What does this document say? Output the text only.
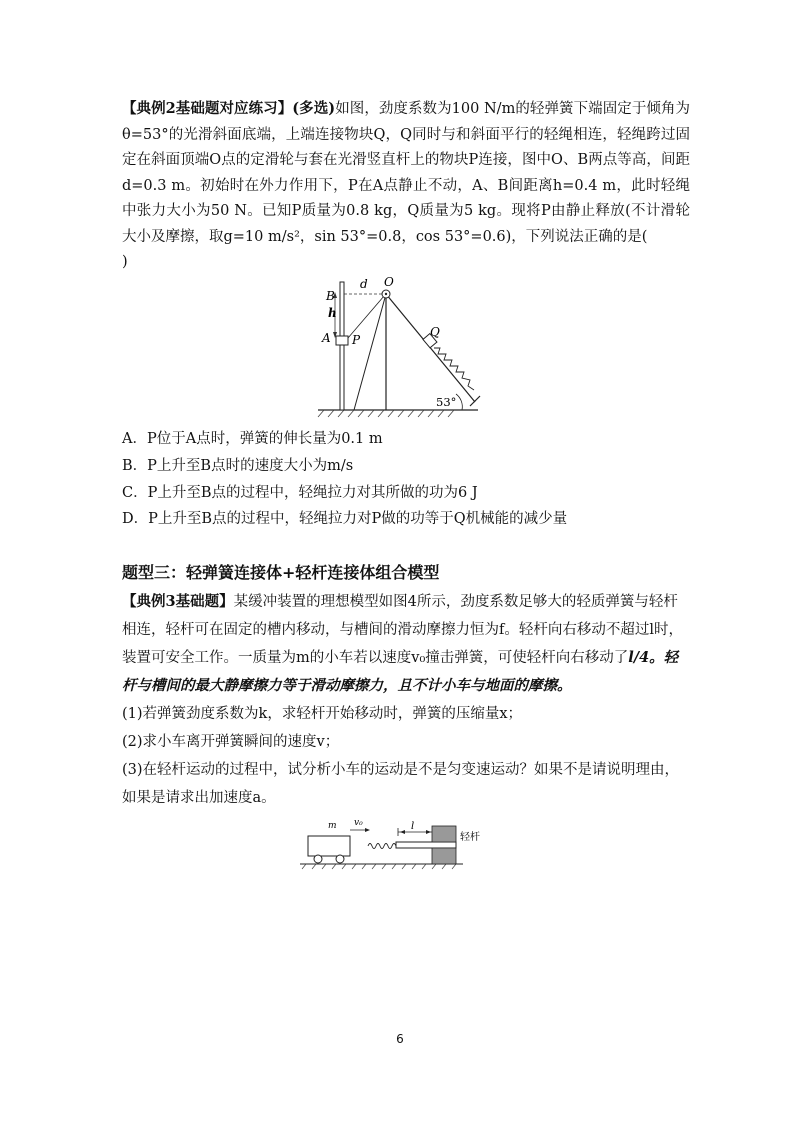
【典例2基础题对应练习】(多选)如图，劲度系数为100 N/m的轻弹簧下端固定于倾角为θ=53°的光滑斜面底端，上端连接物块Q，Q同时与和斜面平行的轻绳相连，轻绳跨过固定在斜面顶端O点的定滑轮与套在光滑竖直杆上的物块P连接，图中O、B两点等高，间距d=0.3 m。初始时在外力作用下，P在A点静止不动，A、B间距离h=0.4 m，此时轻绳中张力大小为50 N。已知P质量为0.8 kg，Q质量为5 kg。现将P由静止释放(不计滑轮大小及摩擦，取g=10 m/s²，sin 53°=0.8，cos 53°=0.6)，下列说法正确的是(
)

B
h
A P
d O
Q
53°
A．P位于A点时，弹簧的伸长量为0.1 m
B．P上升至B点时的速度大小为m/s
C．P上升至B点的过程中，轻绳拉力对其所做的功为6 J
D．P上升至B点的过程中，轻绳拉力对P做的功等于Q机械能的减少量
题型三：轻弹簧连接体+轻杆连接体组合模型

【典例3基础题】某缓冲装置的理想模型如图4所示，劲度系数足够大的轻质弹簧与轻杆相连，轻杆可在固定的槽内移动，与槽间的滑动摩擦力恒为f。轻杆向右移动不超过l时，装置可安全工作。一质量为m的小车若以速度v₀撞击弹簧，可使轻杆向右移动了l/4。轻杆与槽间的最大静摩擦力等于滑动摩擦力，且不计小车与地面的摩擦。

(1)若弹簧劲度系数为k，求轻杆开始移动时，弹簧的压缩量x；

(2)求小车离开弹簧瞬间的速度v；

(3)在轻杆运动的过程中，试分析小车的运动是不是匀变速运动？如果不是请说明理由，如果是请求出加速度a。

m v₀	l
轻杆
6
